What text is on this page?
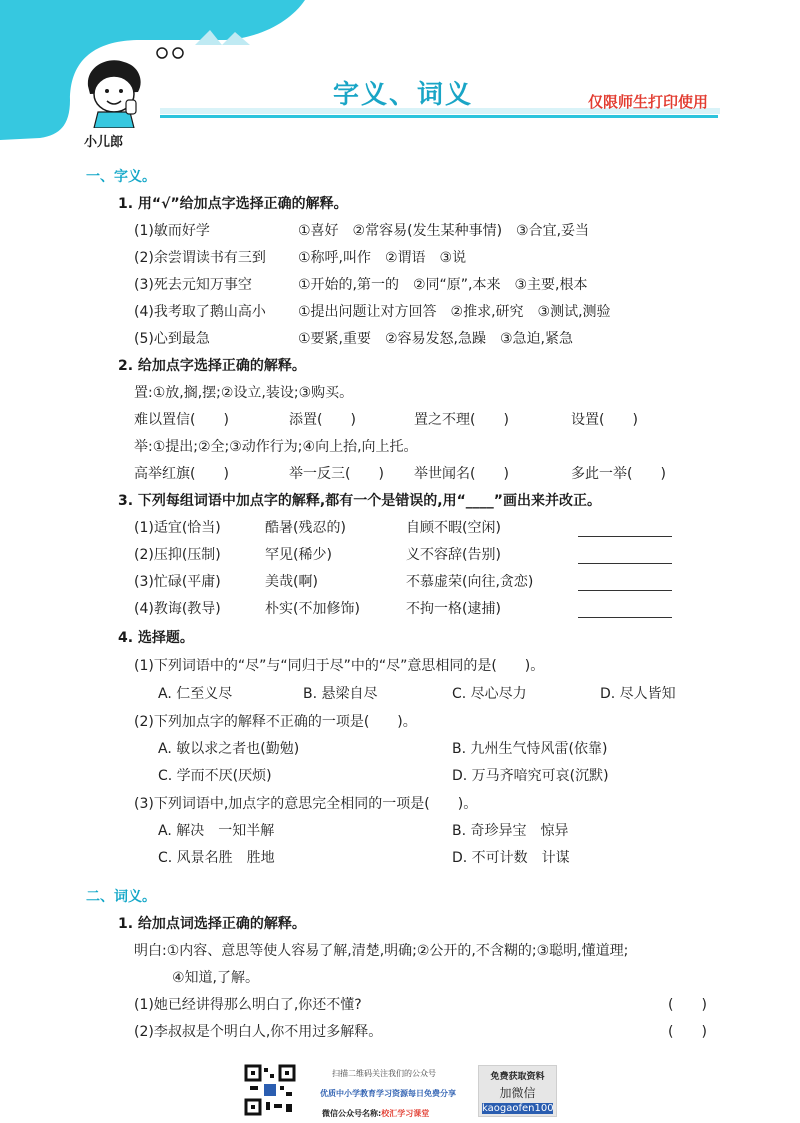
字义、词义	仅限师生打印使用
小儿郎
一、字义。
1. 用“√”给加点字选择正确的解释。
(1)敏而好学	①喜好　②常容易(发生某种事情)　③合宜,妥当
(2)余尝谓读书有三到 ①称呼,叫作　②谓语　③说
(3)死去元知万事空	①开始的,第一的　②同“原”,本来　③主要,根本
(4)我考取了鹅山高小 ①提出问题让对方回答　②推求,研究　③测试,测验
(5)心到最急	①要紧,重要　②容易发怒,急躁　③急迫,紧急
2. 给加点字选择正确的解释。
置:①放,搁,摆;②设立,装设;③购买。
难以置信(　　)	添置(　　)	置之不理(　　)	设置(　　)
举:①提出;②全;③动作行为;④向上抬,向上托。
高举红旗(　　)	举一反三(　　) 举世闻名(　　)	多此一举(　　)
3. 下列每组词语中加点字的解释,都有一个是错误的,用“____”画出来并改正。
(1)适宜(恰当)	酷暑(残忍的)	自顾不暇(空闲)
(2)压抑(压制)	罕见(稀少)	义不容辞(告别)
(3)忙碌(平庸)	美哉(啊)	不慕虚荣(向往,贪恋)
(4)教诲(教导)	朴实(不加修饰)	不拘一格(逮捕)
4. 选择题。
(1)下列词语中的“尽”与“同归于尽”中的“尽”意思相同的是(　　)。
A. 仁至义尽	B. 悬梁自尽	C. 尽心尽力	D. 尽人皆知
(2)下列加点字的解释不正确的一项是(　　)。
A. 敏以求之者也(勤勉)	B. 九州生气恃风雷(依靠)
C. 学而不厌(厌烦)	D. 万马齐喑究可哀(沉默)
(3)下列词语中,加点字的意思完全相同的一项是(　　)。
A. 解决　一知半解	B. 奇珍异宝　惊异
C. 风景名胜　胜地	D. 不可计数　计谋
二、词义。
1. 给加点词选择正确的解释。
明白:①内容、意思等使人容易了解,清楚,明确;②公开的,不含糊的;③聪明,懂道理;
④知道,了解。
(1)她已经讲得那么明白了,你还不懂?	(　　)
(2)李叔叔是个明白人,你不用过多解释。	(　　)
扫描二维码关注我们的公众号
优质中小学教育学习资源每日免费分享
微信公众号名称:校汇学习课堂
免费获取资料
加微信
kaogaofen100
